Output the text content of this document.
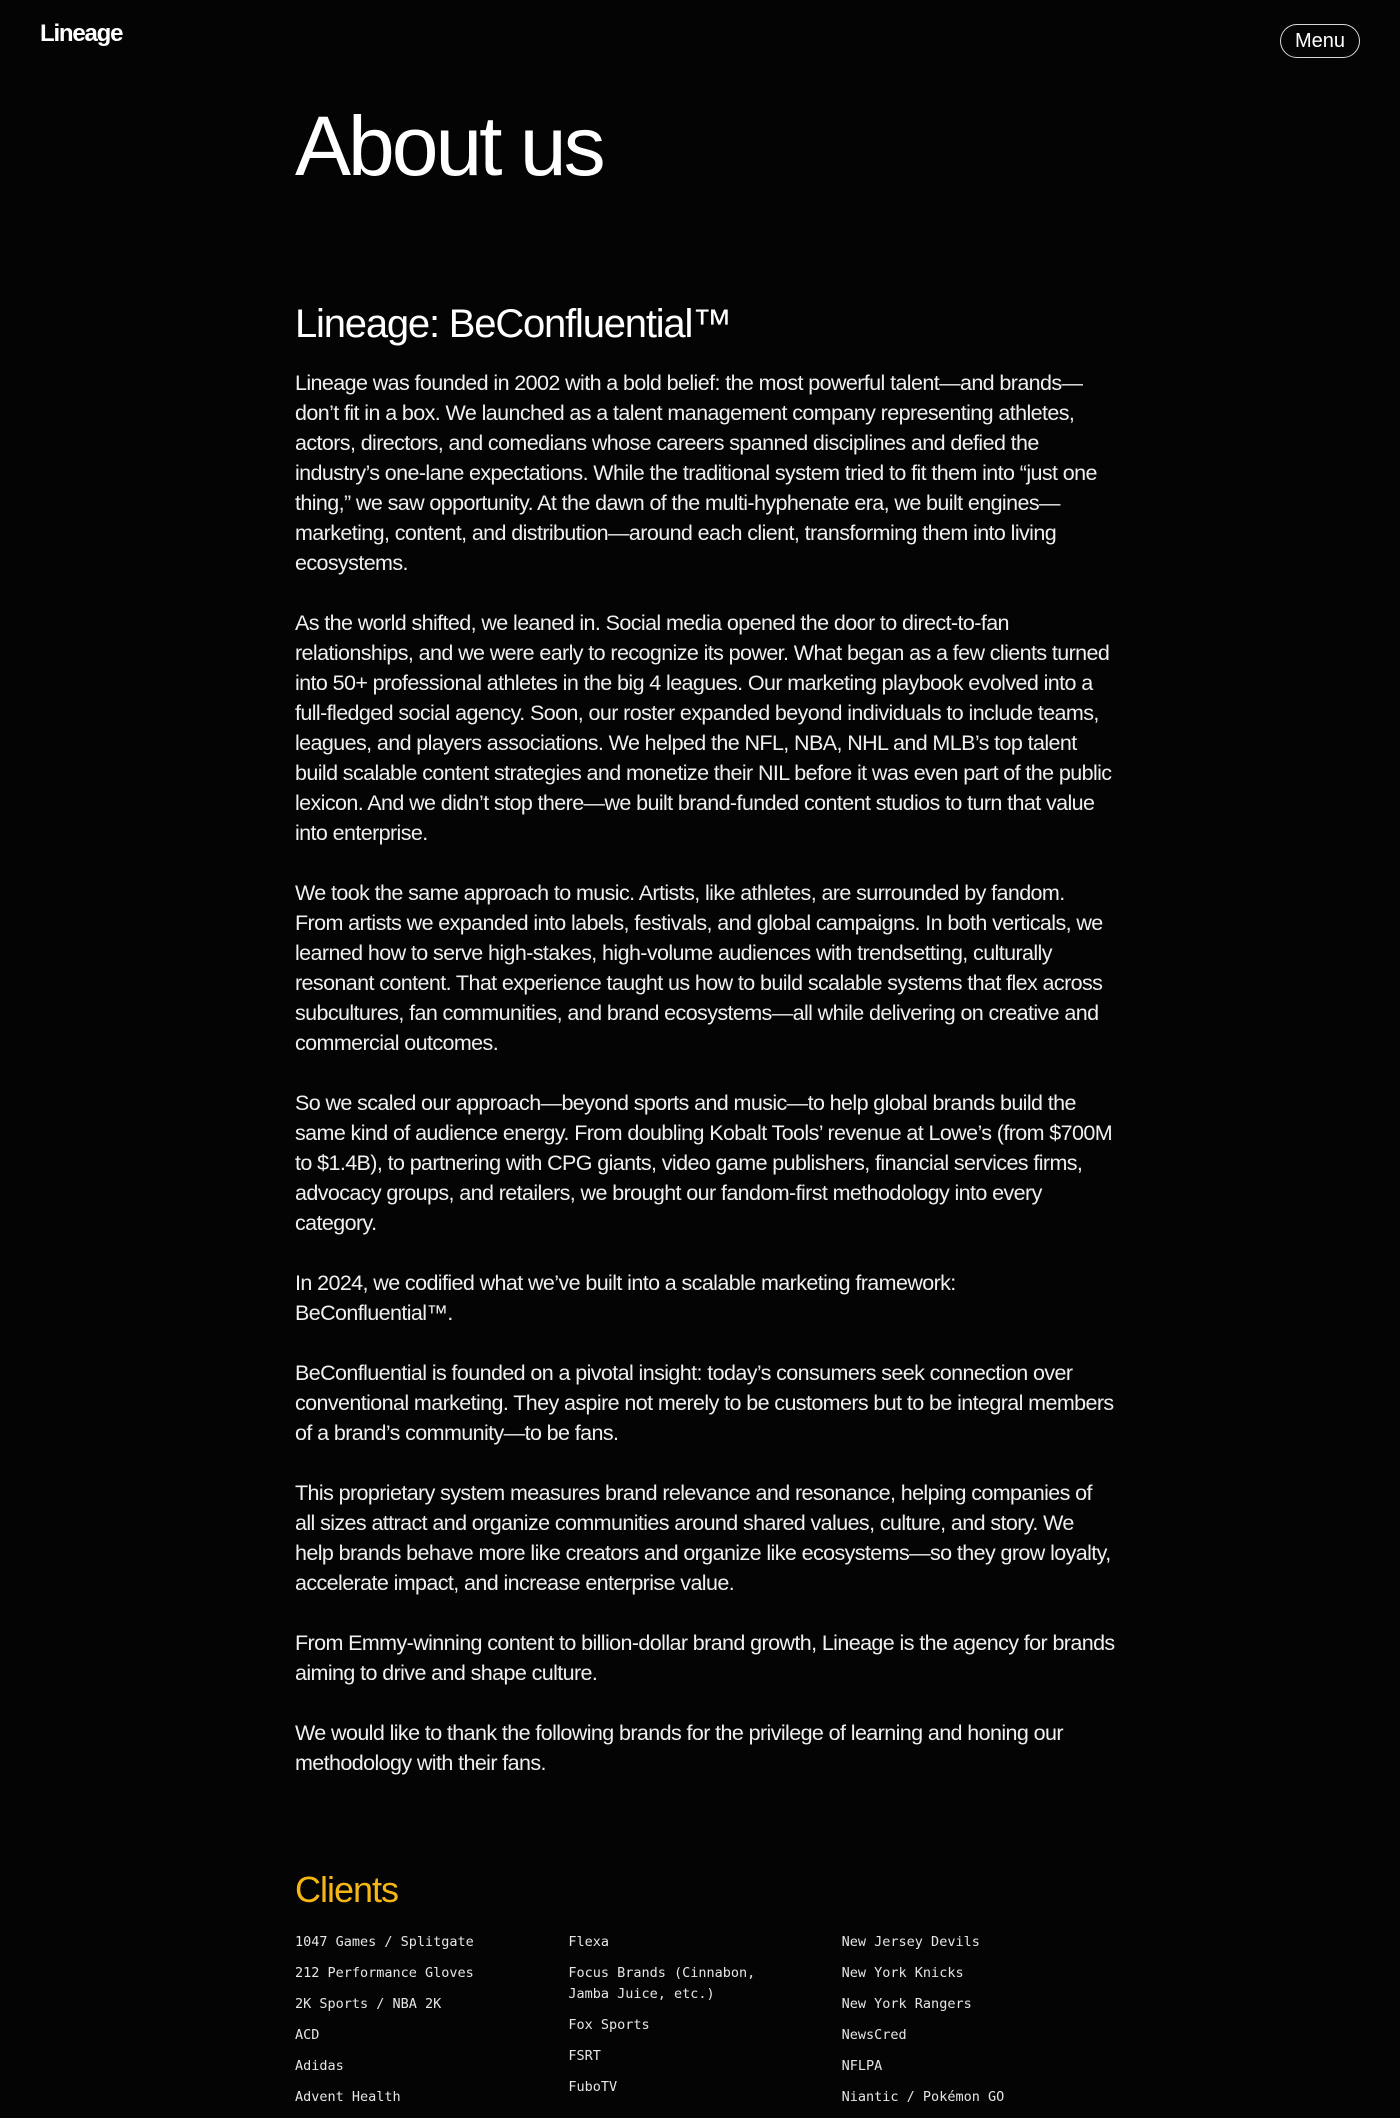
Lineage	Menu
About us
Lineage: BeConfluential™

Lineage was founded in 2002 with a bold belief: the most powerful talent—and brands—don’t fit in a box. We launched as a talent management company representing athletes, actors, directors, and comedians whose careers spanned disciplines and defied the industry’s one-lane expectations. While the traditional system tried to fit them into “just one thing,” we saw opportunity. At the dawn of the multi-hyphenate era, we built engines—marketing, content, and distribution—around each client, transforming them into living ecosystems.

As the world shifted, we leaned in. Social media opened the door to direct-to-fan relationships, and we were early to recognize its power. What began as a few clients turned into 50+ professional athletes in the big 4 leagues. Our marketing playbook evolved into a full-fledged social agency. Soon, our roster expanded beyond individuals to include teams, leagues, and players associations. We helped the NFL, NBA, NHL and MLB’s top talent build scalable content strategies and monetize their NIL before it was even part of the public lexicon. And we didn’t stop there—we built brand-funded content studios to turn that value into enterprise.

We took the same approach to music. Artists, like athletes, are surrounded by fandom. From artists we expanded into labels, festivals, and global campaigns. In both verticals, we learned how to serve high-stakes, high-volume audiences with trendsetting, culturally resonant content. That experience taught us how to build scalable systems that flex across subcultures, fan communities, and brand ecosystems—all while delivering on creative and commercial outcomes.

So we scaled our approach—beyond sports and music—to help global brands build the same kind of audience energy. From doubling Kobalt Tools’ revenue at Lowe’s (from $700M to $1.4B), to partnering with CPG giants, video game publishers, financial services firms, advocacy groups, and retailers, we brought our fandom-first methodology into every category.

In 2024, we codified what we’ve built into a scalable marketing framework: BeConfluential™.

BeConfluential is founded on a pivotal insight: today’s consumers seek connection over conventional marketing. They aspire not merely to be customers but to be integral members of a brand’s community—to be fans.

This proprietary system measures brand relevance and resonance, helping companies of all sizes attract and organize communities around shared values, culture, and story. We help brands behave more like creators and organize like ecosystems—so they grow loyalty, accelerate impact, and increase enterprise value.

From Emmy-winning content to billion-dollar brand growth, Lineage is the agency for brands aiming to drive and shape culture.

We would like to thank the following brands for the privilege of learning and honing our methodology with their fans.

Clients
1047 Games / Splitgate
212 Performance Gloves
2K Sports / NBA 2K
ACD
Adidas
Advent Health
Flexa
Focus Brands (Cinnabon, Jamba Juice, etc.)
Fox Sports
FSRT
FuboTV
New Jersey Devils
New York Knicks
New York Rangers
NewsCred
NFLPA
Niantic / Pokémon GO
